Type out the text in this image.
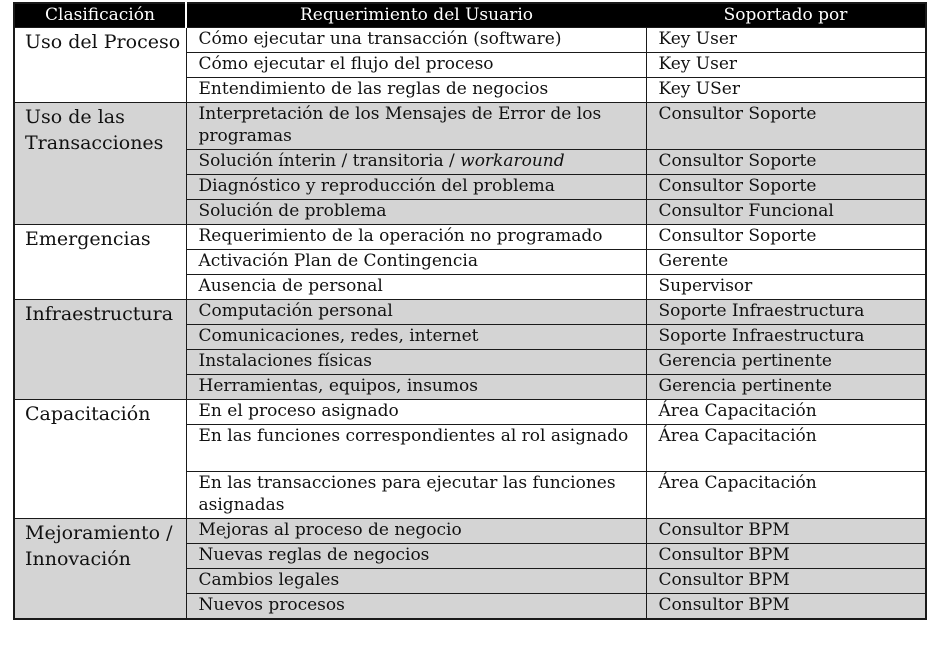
Clasificación	Requerimiento del Usuario	Soportado por
Uso del Proceso	Cómo ejecutar una transacción (software)	Key User
	Cómo ejecutar el flujo del proceso	Key User
	Entendimiento de las reglas de negocios	Key USer
Uso de las Transacciones	Interpretación de los Mensajes de Error de los programas	Consultor Soporte
	Solución ínterin / transitoria / workaround	Consultor Soporte
	Diagnóstico y reproducción del problema	Consultor Soporte
	Solución de problema	Consultor Funcional
Emergencias	Requerimiento de la operación no programado	Consultor Soporte
	Activación Plan de Contingencia	Gerente
	Ausencia de personal	Supervisor
Infraestructura	Computación personal	Soporte Infraestructura
	Comunicaciones, redes, internet	Soporte Infraestructura
	Instalaciones físicas	Gerencia pertinente
	Herramientas, equipos, insumos	Gerencia pertinente
Capacitación	En el proceso asignado	Área Capacitación
	En las funciones correspondientes al rol asignado	Área Capacitación
	En las transacciones para ejecutar las funciones asignadas	Área Capacitación
Mejoramiento / Innovación	Mejoras al proceso de negocio	Consultor BPM
	Nuevas reglas de negocios	Consultor BPM
	Cambios legales	Consultor BPM
	Nuevos procesos	Consultor BPM
